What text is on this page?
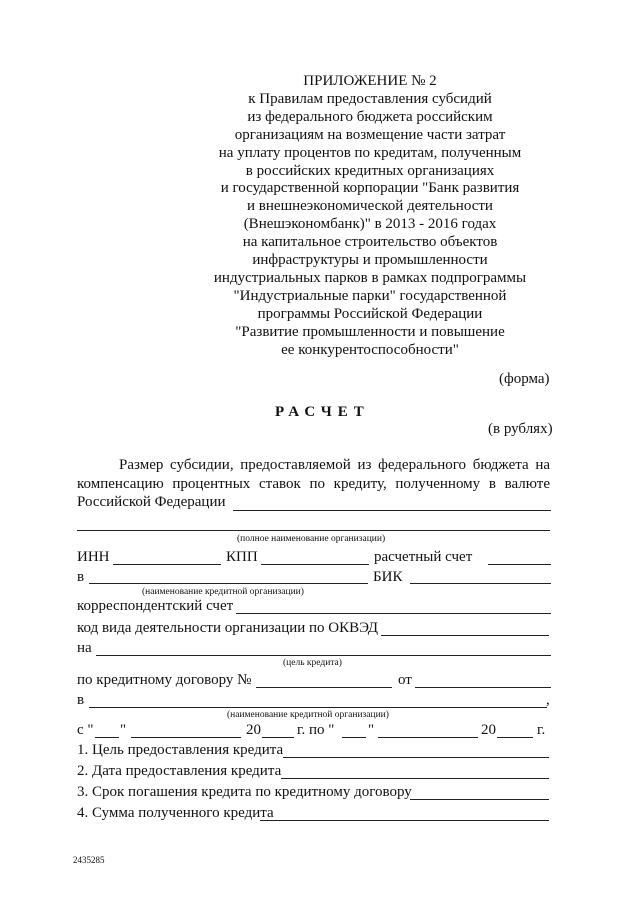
ПРИЛОЖЕНИЕ № 2
к Правилам предоставления субсидий
из федерального бюджета российским
организациям на возмещение части затрат
на уплату процентов по кредитам, полученным
в российских кредитных организациях
и государственной корпорации "Банк развития
и внешнеэкономической деятельности
(Внешэкономбанк)" в 2013 - 2016 годах
на капитальное строительство объектов
инфраструктуры и промышленности
индустриальных парков в рамках подпрограммы
"Индустриальные парки" государственной
программы Российской Федерации
"Развитие промышленности и повышение
ее конкурентоспособности"
(форма)
РАСЧЕТ
(в рублях)
Размер субсидии, предоставляемой из федерального бюджета на
компенсацию процентных ставок по кредиту, полученному в валюте
Российской Федерации
(полное наименование организации)
ИНН	КПП	расчетный счет
в	БИК
(наименование кредитной организации)
корреспондентский счет
код вида деятельности организации по ОКВЭД
на
(цель кредита)
по кредитному договору №	от
в	,
(наименование кредитной организации)
с " "	20 г. по " "	20	г.
1. Цель предоставления кредита
2. Дата предоставления кредита
3. Срок погашения кредита по кредитному договору
4. Сумма полученного кредита
2435285
